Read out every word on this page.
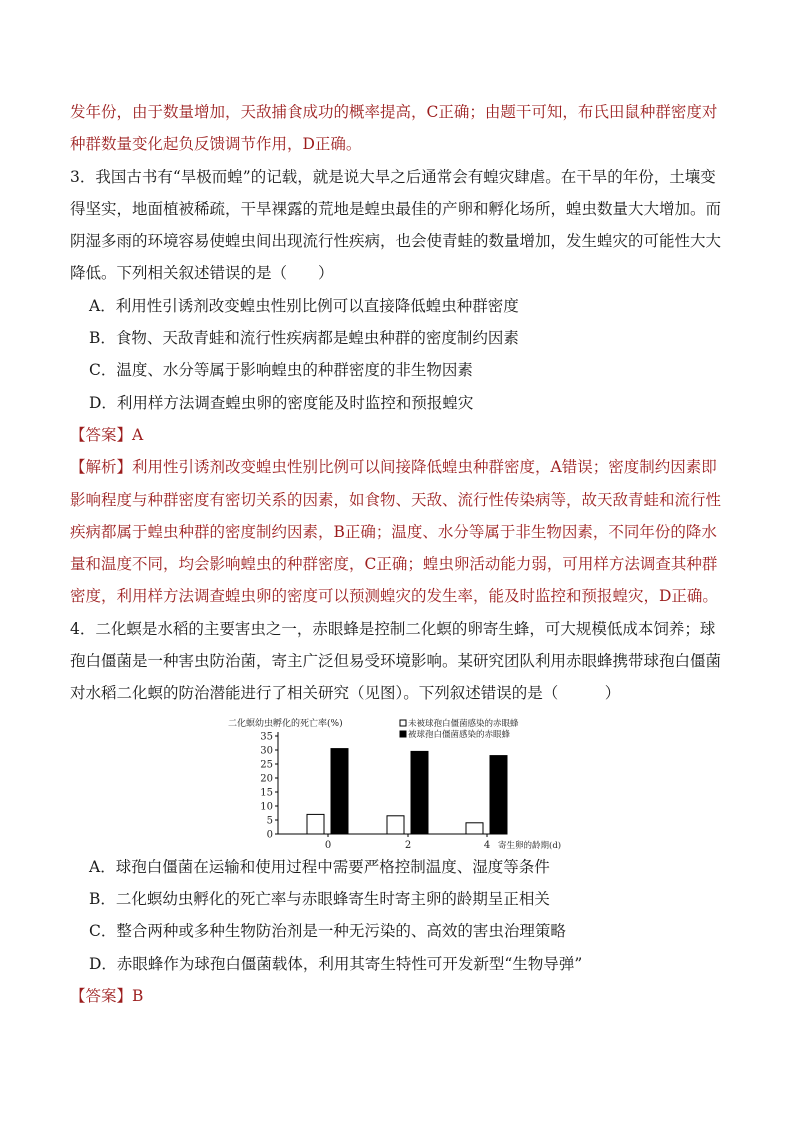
发年份，由于数量增加，天敌捕食成功的概率提高，C正确；由题干可知，布氏田鼠种群密度对种群数量变化起负反馈调节作用，D正确。

3．我国古书有“旱极而蝗”的记载，就是说大旱之后通常会有蝗灾肆虐。在干旱的年份，土壤变得坚实，地面植被稀疏，干旱裸露的荒地是蝗虫最佳的产卵和孵化场所，蝗虫数量大大增加。而阴湿多雨的环境容易使蝗虫间出现流行性疾病，也会使青蛙的数量增加，发生蝗灾的可能性大大降低。下列相关叙述错误的是（　　）

A．利用性引诱剂改变蝗虫性别比例可以直接降低蝗虫种群密度

B．食物、天敌青蛙和流行性疾病都是蝗虫种群的密度制约因素

C．温度、水分等属于影响蝗虫的种群密度的非生物因素

D．利用样方法调查蝗虫卵的密度能及时监控和预报蝗灾

【答案】A

【解析】利用性引诱剂改变蝗虫性别比例可以间接降低蝗虫种群密度，A错误；密度制约因素即影响程度与种群密度有密切关系的因素，如食物、天敌、流行性传染病等，故天敌青蛙和流行性疾病都属于蝗虫种群的密度制约因素，B正确；温度、水分等属于非生物因素，不同年份的降水量和温度不同，均会影响蝗虫的种群密度，C正确；蝗虫卵活动能力弱，可用样方法调查其种群密度，利用样方法调查蝗虫卵的密度可以预测蝗灾的发生率，能及时监控和预报蝗灾，D正确。

4．二化螟是水稻的主要害虫之一，赤眼蜂是控制二化螟的卵寄生蜂，可大规模低成本饲养；球孢白僵菌是一种害虫防治菌，寄主广泛但易受环境影响。某研究团队利用赤眼蜂携带球孢白僵菌对水稻二化螟的防治潜能进行了相关研究（见图）。下列叙述错误的是（　　　）

二化螟幼虫孵化的死亡率(%)
0
5
10
15
20
25
30
35
0	2	4 寄生卵的龄期(d)
未被球孢白僵菌感染的赤眼蜂
被球孢白僵菌感染的赤眼蜂

A．球孢白僵菌在运输和使用过程中需要严格控制温度、湿度等条件

B．二化螟幼虫孵化的死亡率与赤眼蜂寄生时寄主卵的龄期呈正相关

C．整合两种或多种生物防治剂是一种无污染的、高效的害虫治理策略

D．赤眼蜂作为球孢白僵菌载体，利用其寄生特性可开发新型“生物导弹”

【答案】B
